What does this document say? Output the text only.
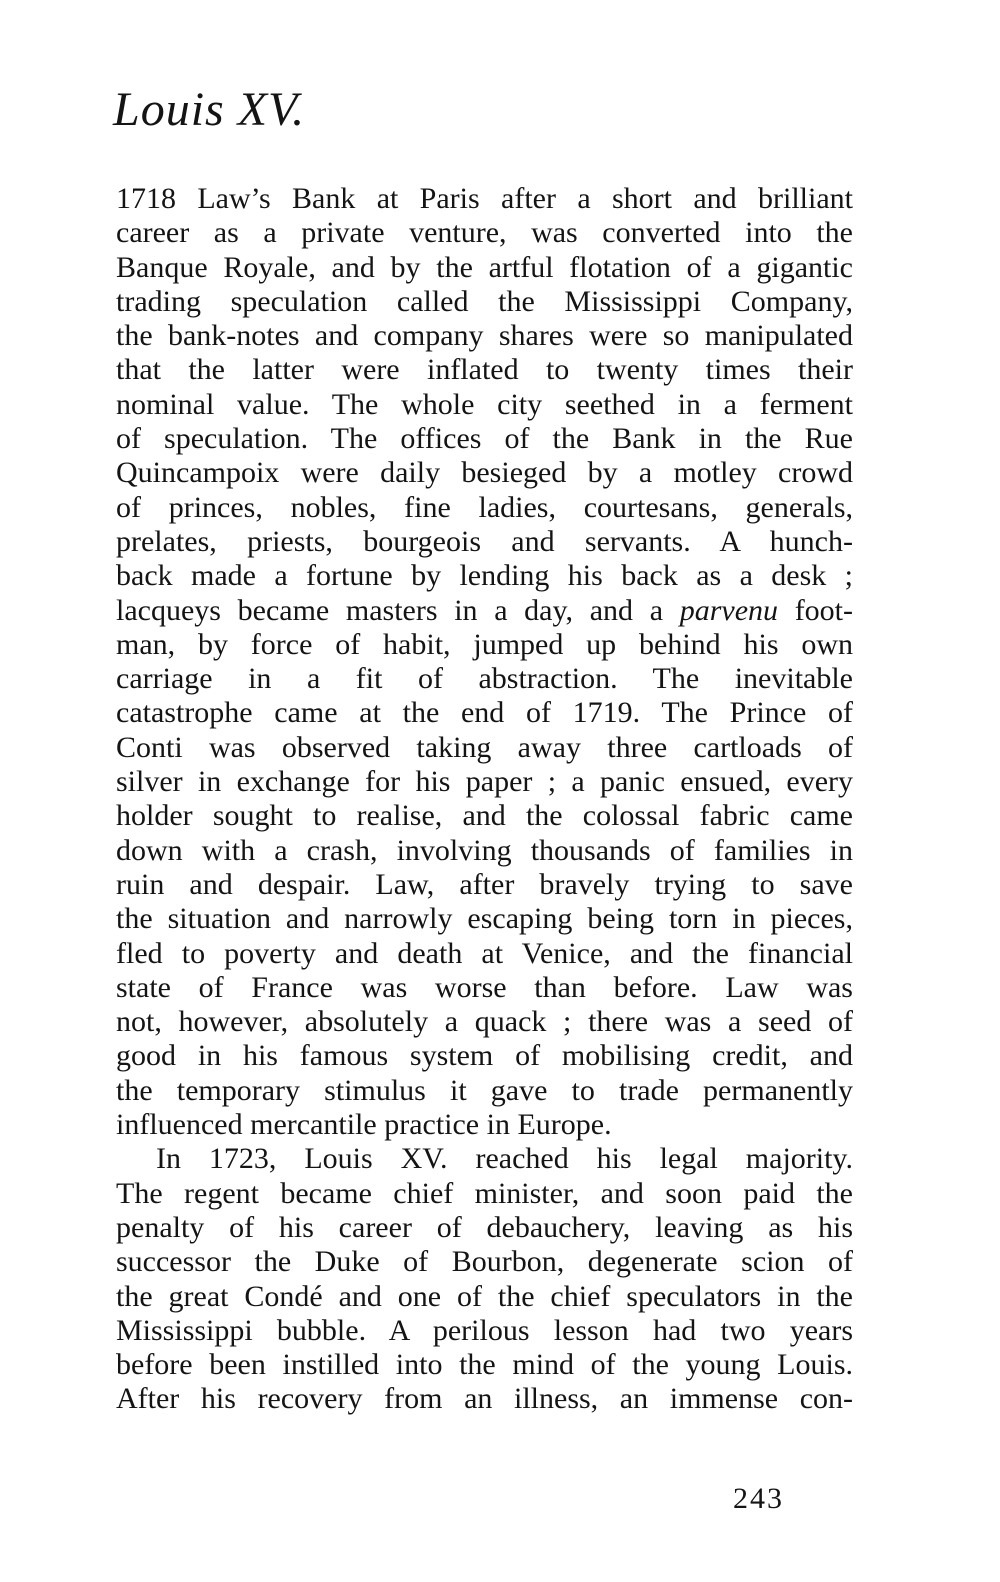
Louis XV.
1718 Law’s Bank at Paris after a short and brilliant
career as a private venture, was converted into the
Banque Royale, and by the artful flotation of a gigantic
trading speculation called the Mississippi Company,
the bank-notes and company shares were so manipulated
that the latter were inflated to twenty times their
nominal value. The whole city seethed in a ferment
of speculation. The offices of the Bank in the Rue
Quincampoix were daily besieged by a motley crowd
of princes, nobles, fine ladies, courtesans, generals,
prelates, priests, bourgeois and servants. A hunch-
back made a fortune by lending his back as a desk ;
lacqueys became masters in a day, and a parvenu foot-
man, by force of habit, jumped up behind his own
carriage in a fit of abstraction. The inevitable
catastrophe came at the end of 1719. The Prince of
Conti was observed taking away three cartloads of
silver in exchange for his paper ; a panic ensued, every
holder sought to realise, and the colossal fabric came
down with a crash, involving thousands of families in
ruin and despair. Law, after bravely trying to save
the situation and narrowly escaping being torn in pieces,
fled to poverty and death at Venice, and the financial
state of France was worse than before. Law was
not, however, absolutely a quack ; there was a seed of
good in his famous system of mobilising credit, and
the temporary stimulus it gave to trade permanently
influenced mercantile practice in Europe.
In 1723, Louis XV. reached his legal majority.
The regent became chief minister, and soon paid the
penalty of his career of debauchery, leaving as his
successor the Duke of Bourbon, degenerate scion of
the great Condé and one of the chief speculators in the
Mississippi bubble. A perilous lesson had two years
before been instilled into the mind of the young Louis.
After his recovery from an illness, an immense con-
243
